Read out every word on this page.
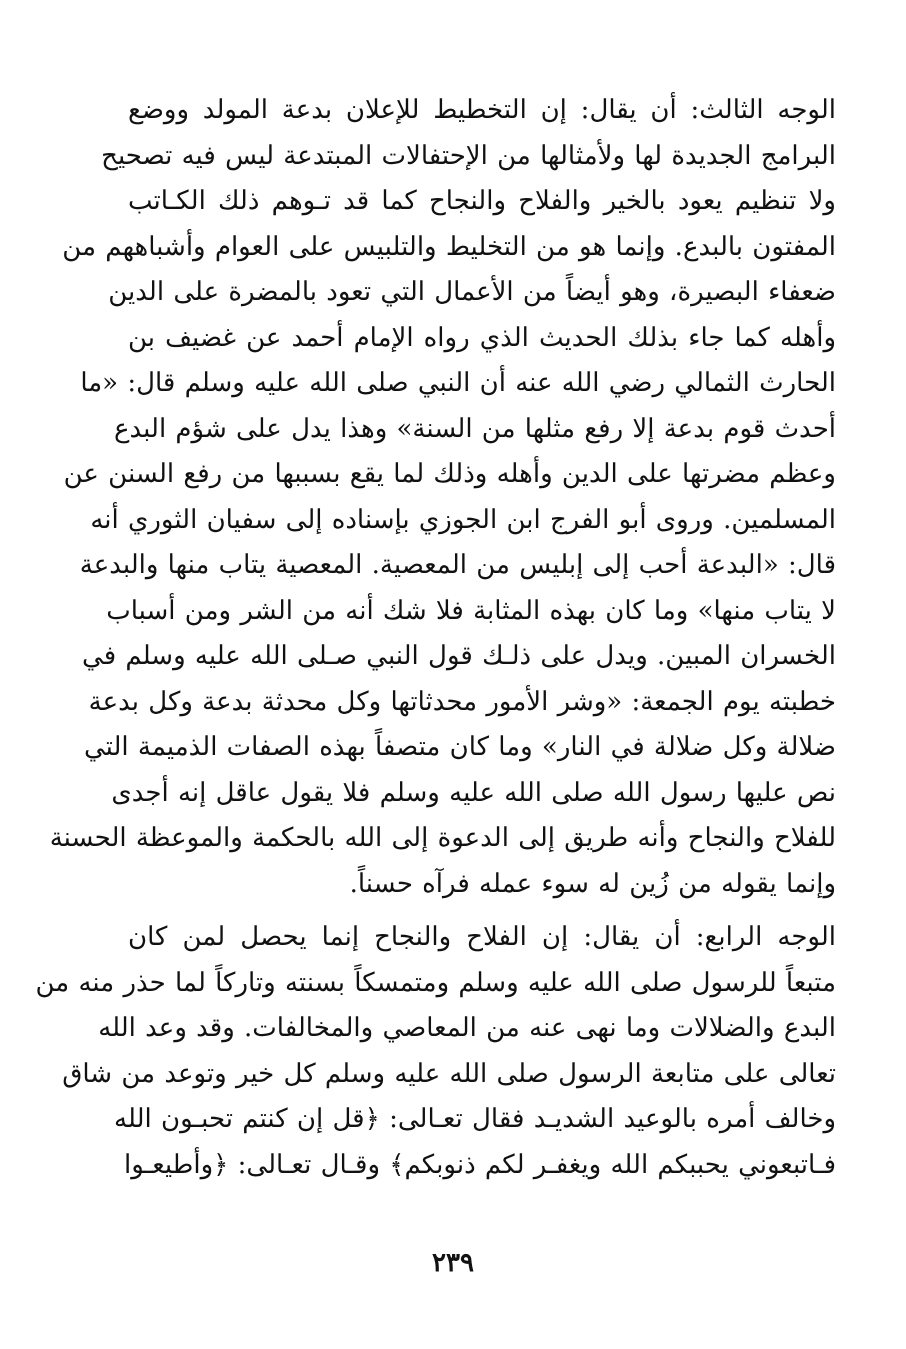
الوجه الثالث: أن يقال: إن التخطيط للإعلان بدعة المولد ووضع
البرامج الجديدة لها ولأمثالها من الإحتفالات المبتدعة ليس فيه تصحيح
ولا تنظيم يعود بالخير والفلاح والنجاح كما قد تـوهم ذلك الكـاتب
المفتون بالبدع. وإنما هو من التخليط والتلبيس على العوام وأشباههم من
ضعفاء البصيرة، وهو أيضاً من الأعمال التي تعود بالمضرة على الدين
وأهله كما جاء بذلك الحديث الذي رواه الإمام أحمد عن غضيف بن
الحارث الثمالي رضي الله عنه أن النبي صلى الله عليه وسلم قال: «ما
أحدث قوم بدعة إلا رفع مثلها من السنة» وهذا يدل على شؤم البدع
وعظم مضرتها على الدين وأهله وذلك لما يقع بسببها من رفع السنن عن
المسلمين. وروى أبو الفرج ابن الجوزي بإسناده إلى سفيان الثوري أنه
قال: «البدعة أحب إلى إبليس من المعصية. المعصية يتاب منها والبدعة
لا يتاب منها» وما كان بهذه المثابة فلا شك أنه من الشر ومن أسباب
الخسران المبين. ويدل على ذلـك قول النبي صـلى الله عليه وسلم في
خطبته يوم الجمعة: «وشر الأمور محدثاتها وكل محدثة بدعة وكل بدعة
ضلالة وكل ضلالة في النار» وما كان متصفاً بهذه الصفات الذميمة التي
نص عليها رسول الله صلى الله عليه وسلم فلا يقول عاقل إنه أجدى
للفلاح والنجاح وأنه طريق إلى الدعوة إلى الله بالحكمة والموعظة الحسنة
وإنما يقوله من زُين له سوء عمله فرآه حسناً.

الوجه الرابع: أن يقال: إن الفلاح والنجاح إنما يحصل لمن كان
متبعاً للرسول صلى الله عليه وسلم ومتمسكاً بسنته وتاركاً لما حذر منه من
البدع والضلالات وما نهى عنه من المعاصي والمخالفات. وقد وعد الله
تعالى على متابعة الرسول صلى الله عليه وسلم كل خير وتوعد من شاق
وخالف أمره بالوعيد الشديـد فقال تعـالى: ﴿قل إن كنتم تحبـون الله
فـاتبعوني يحببكم الله ويغفـر لكم ذنوبكم﴾ وقـال تعـالى: ﴿وأطيعـوا

٢٣٩
